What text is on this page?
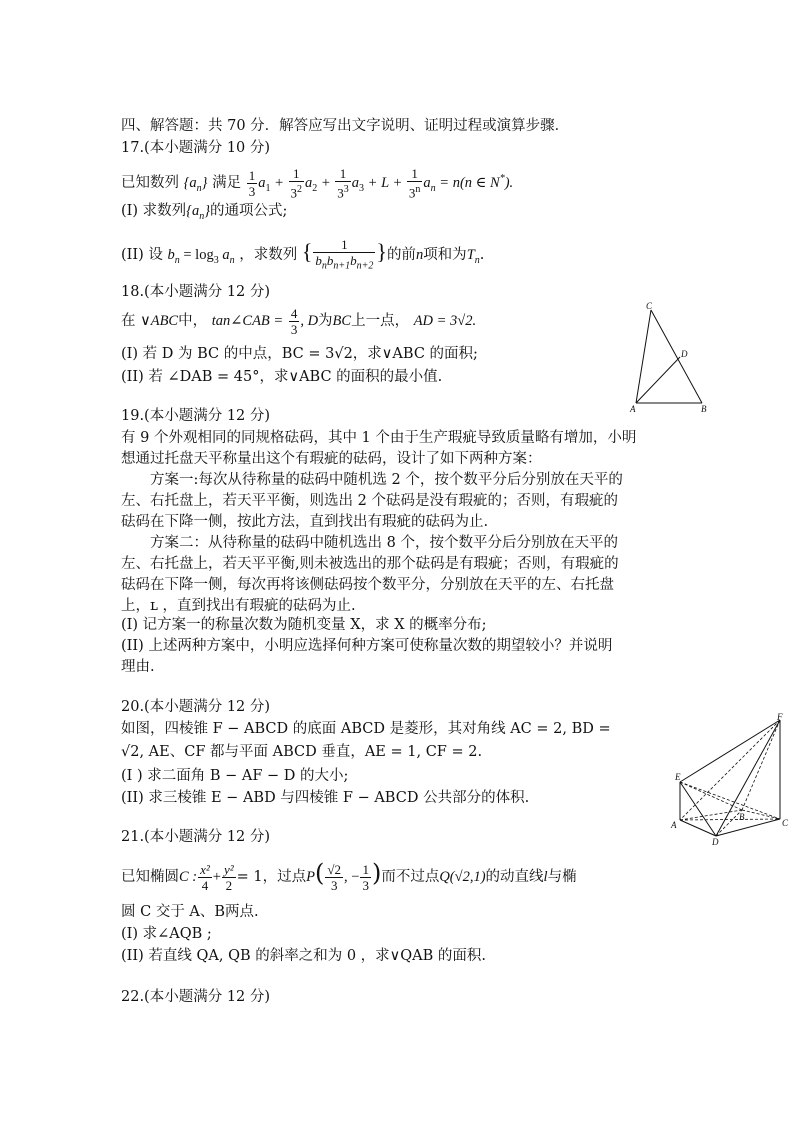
四、解答题：共 70 分．解答应写出文字说明、证明过程或演算步骤．
17.(本小题满分 10 分)
已知数列 $\{a_n\}$ 满足 $\frac{1}{3} a_1 + \frac{1}{3^2} a_2 + \frac{1}{3^3} a_3 + L + \frac{1}{3^n} a_n = n(n$ ∈ N*).
(I) 求数列$\{a_n\}$的通项公式;
(II) 设 $b_n = \log_3 a_n$ ，求数列 { $\frac{1}{b_nb_{n+1}b_{n+2}}$ }的前n项和为$T_n$.
18.(本小题满分 12 分)
在 ∨ABC中， tan∠CAB = $\frac{4}{3}$ , D为BC上一点， AD = 3√2.
(I) 若 D 为 BC 的中点，BC = 3√2，求∨ABC 的面积;
(II) 若 ∠DAB = 45°，求∨ABC 的面积的最小值.
C
D
A	B
19.(本小题满分 12 分)
有 9 个外观相同的同规格砝码，其中 1 个由于生产瑕疵导致质量略有增加，小明
想通过托盘天平称量出这个有瑕疵的砝码，设计了如下两种方案：
　　方案一:每次从待称量的砝码中随机选 2 个，按个数平分后分别放在天平的
左、右托盘上，若天平平衡，则选出 2 个砝码是没有瑕疵的；否则，有瑕疵的
砝码在下降一侧，按此方法，直到找出有瑕疵的砝码为止.
　　方案二：从待称量的砝码中随机选出 8 个，按个数平分后分别放在天平的
左、右托盘上，若天平平衡,则未被选出的那个砝码是有瑕疵；否则，有瑕疵的
砝码在下降一侧，每次再将该侧砝码按个数平分，分别放在天平的左、右托盘
上，ʟ ，直到找出有瑕疵的砝码为止.
(I) 记方案一的称量次数为随机变量 X，求 X 的概率分布;
(II) 上述两种方案中，小明应选择何种方案可使称量次数的期望较小？并说明
理由.
20.(本小题满分 12 分)
如图，四棱锥 F − ABCD 的底面 ABCD 是菱形，其对角线 AC = 2, BD =
√2, AE、CF 都与平面 ABCD 垂直，AE = 1, CF = 2.
(I ) 求二面角 B − AF − D 的大小;
(II) 求三棱锥 E − ABD 与四棱锥 F − ABCD 公共部分的体积.
F
E
A
B
C
D
21.(本小题满分 12 分)
已知椭圆C : $\frac{\text{x²}}{4} + \frac{\text{y²}}{2} = 1$，过点$P( \frac{√2}{3}$ , − $\frac{1}{3}$ )而不过点Q(√2,1)的动直线l与椭
圆 C 交于 A、B两点.
(I) 求∠AQB ;
(II) 若直线 QA, QB 的斜率之和为 0 ，求∨QAB 的面积.
22.(本小题满分 12 分)
